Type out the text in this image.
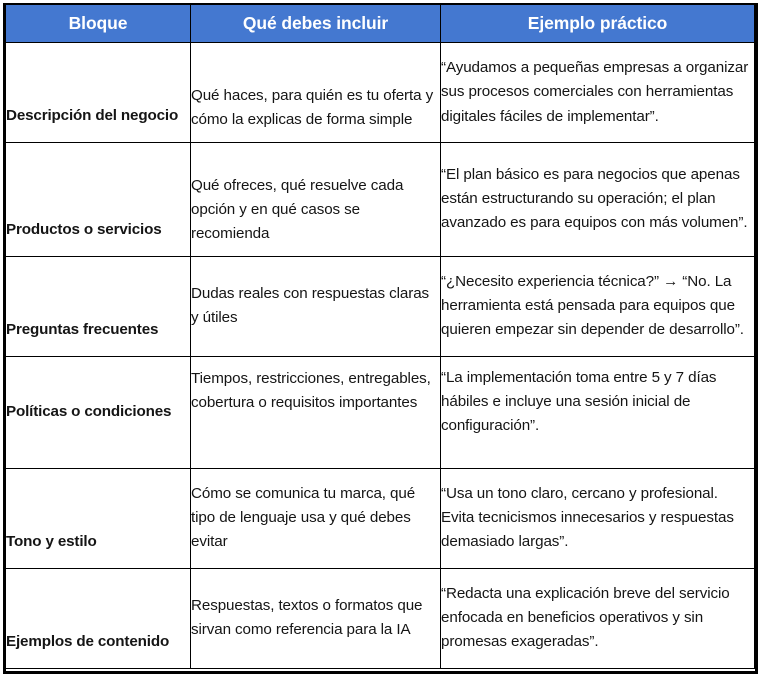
Bloque	Qué debes incluir	Ejemplo práctico
Descripción del negocio	Qué haces, para quién es tu oferta y cómo la explicas de forma simple	“Ayudamos a pequeñas empresas a organizar sus procesos comerciales con herramientas digitales fáciles de implementar”.
Productos o servicios	Qué ofreces, qué resuelve cada opción y en qué casos se recomienda	“El plan básico es para negocios que apenas están estructurando su operación; el plan avanzado es para equipos con más volumen”.
Preguntas frecuentes	Dudas reales con respuestas claras y útiles	“¿Necesito experiencia técnica?” → “No. La herramienta está pensada para equipos que quieren empezar sin depender de desarrollo”.
Políticas o condiciones	Tiempos, restricciones, entregables, cobertura o requisitos importantes	“La implementación toma entre 5 y 7 días hábiles e incluye una sesión inicial de configuración”.
Tono y estilo	Cómo se comunica tu marca, qué tipo de lenguaje usa y qué debes evitar	“Usa un tono claro, cercano y profesional. Evita tecnicismos innecesarios y respuestas demasiado largas”.
Ejemplos de contenido	Respuestas, textos o formatos que sirvan como referencia para la IA	“Redacta una explicación breve del servicio enfocada en beneficios operativos y sin promesas exageradas”.
